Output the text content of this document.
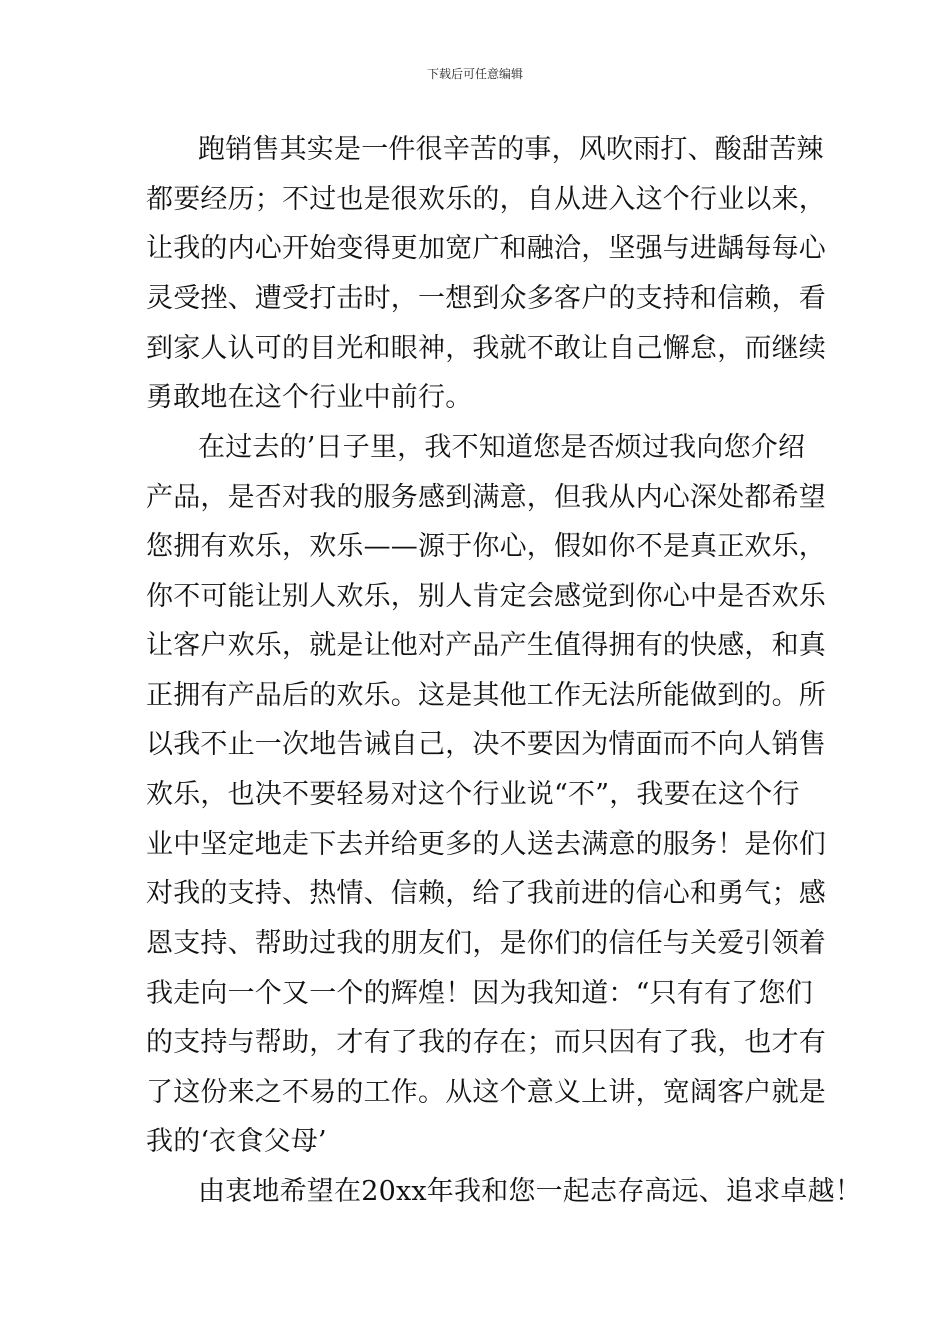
下载后可任意编辑
跑销售其实是一件很辛苦的事，风吹雨打、酸甜苦辣
都要经历；不过也是很欢乐的，自从进入这个行业以来，
让我的内心开始变得更加宽广和融洽，坚强与进龋每每心
灵受挫、遭受打击时，一想到众多客户的支持和信赖，看
到家人认可的目光和眼神，我就不敢让自己懈怠，而继续
勇敢地在这个行业中前行。
在过去的’日子里，我不知道您是否烦过我向您介绍
产品，是否对我的服务感到满意，但我从内心深处都希望
您拥有欢乐，欢乐——源于你心，假如你不是真正欢乐，
你不可能让别人欢乐，别人肯定会感觉到你心中是否欢乐
让客户欢乐，就是让他对产品产生值得拥有的快感，和真
正拥有产品后的欢乐。这是其他工作无法所能做到的。所
以我不止一次地告诫自己，决不要因为情面而不向人销售
欢乐，也决不要轻易对这个行业说“不”，我要在这个行
业中坚定地走下去并给更多的人送去满意的服务！是你们
对我的支持、热情、信赖，给了我前进的信心和勇气；感
恩支持、帮助过我的朋友们，是你们的信任与关爱引领着
我走向一个又一个的辉煌！因为我知道：“只有有了您们
的支持与帮助，才有了我的存在；而只因有了我，也才有
了这份来之不易的工作。从这个意义上讲，宽阔客户就是
我的‘衣食父母’
由衷地希望在20xx年我和您一起志存高远、追求卓越！
